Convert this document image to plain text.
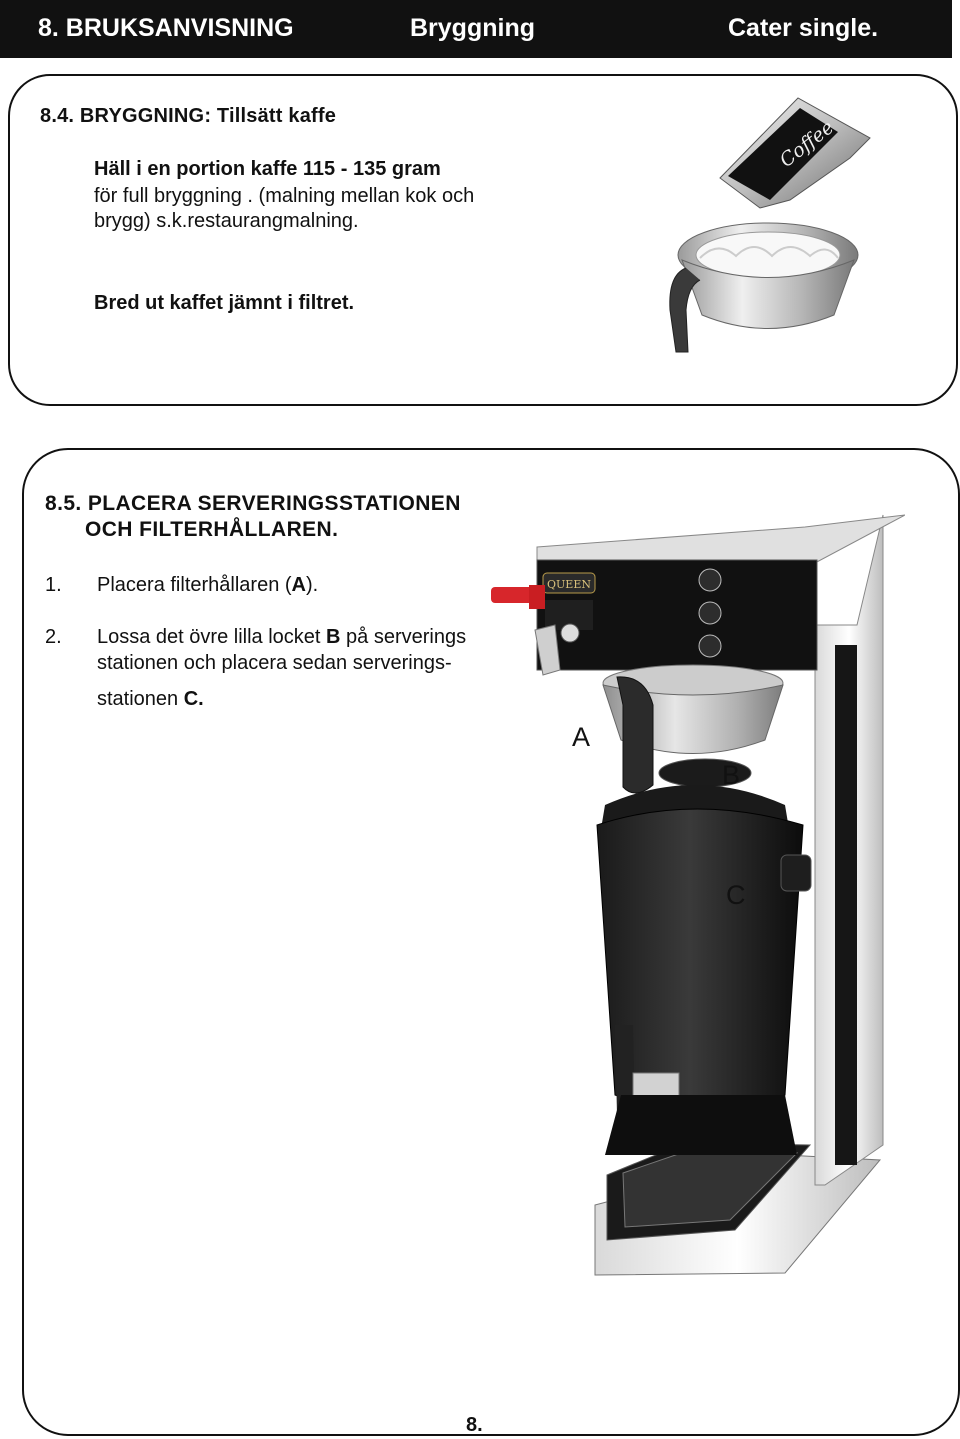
8. BRUKSANVISNING	Bryggning	Cater single.
8.4. BRYGGNING: Tillsätt kaffe
Häll i en portion kaffe 115 - 135 gram
för full bryggning . (malning mellan kok och
brygg) s.k.restaurangmalning.
Bred ut kaffet jämnt i filtret.
Coffee
8.5. PLACERA SERVERINGSSTATIONEN
OCH FILTERHÅLLAREN.
1. Placera filterhållaren (A).
2. Lossa det övre lilla locket B på serverings
stationen och placera sedan serverings-
stationen C.
QUEEN
A
B
C
8.
